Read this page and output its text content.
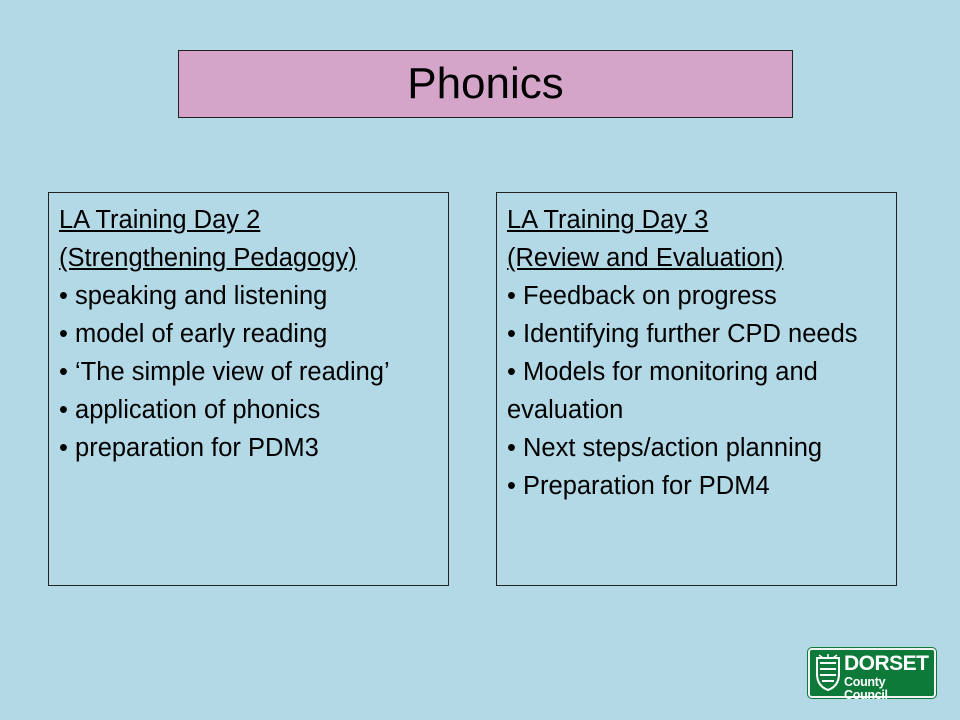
Phonics
LA Training Day 2
(Strengthening Pedagogy)
• speaking and listening
• model of early reading
• ‘The simple view of reading’
• application of phonics
• preparation for PDM3
LA Training Day 3
(Review and Evaluation)
• Feedback on progress
• Identifying further CPD needs
• Models for monitoring and evaluation
• Next steps/action planning
• Preparation for PDM4
DORSET
County Council
